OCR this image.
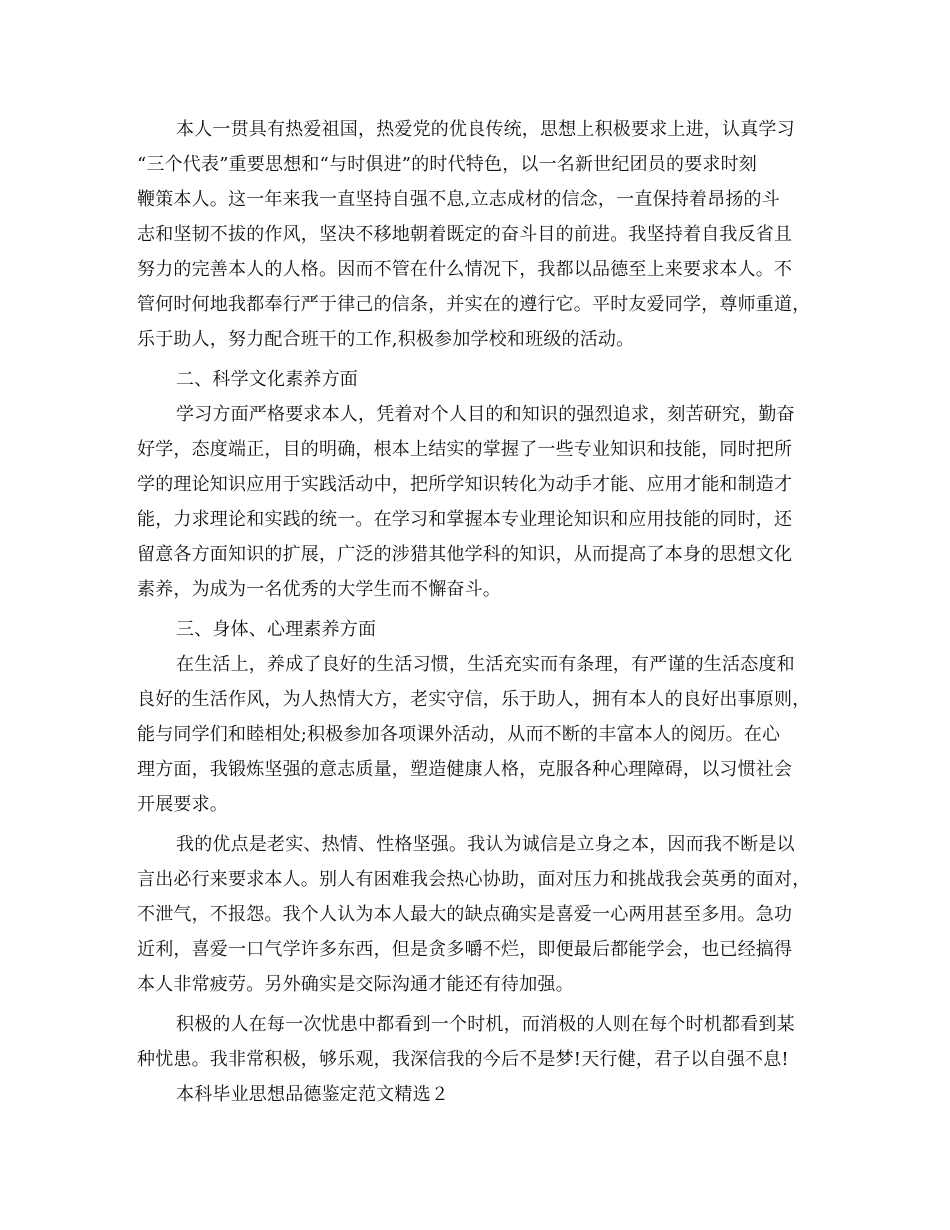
本人一贯具有热爱祖国，热爱党的优良传统，思想上积极要求上进，认真学习
“三个代表”重要思想和“与时俱进”的时代特色，以一名新世纪团员的要求时刻
鞭策本人。这一年来我一直坚持自强不息,立志成材的信念，一直保持着昂扬的斗
志和坚韧不拔的作风，坚决不移地朝着既定的奋斗目的前进。我坚持着自我反省且
努力的完善本人的人格。因而不管在什么情况下，我都以品德至上来要求本人。不
管何时何地我都奉行严于律己的信条，并实在的遵行它。平时友爱同学，尊师重道，
乐于助人，努力配合班干的工作,积极参加学校和班级的活动。
二、科学文化素养方面
学习方面严格要求本人，凭着对个人目的和知识的强烈追求，刻苦研究，勤奋
好学，态度端正，目的明确，根本上结实的掌握了一些专业知识和技能，同时把所
学的理论知识应用于实践活动中，把所学知识转化为动手才能、应用才能和制造才
能，力求理论和实践的统一。在学习和掌握本专业理论知识和应用技能的同时，还
留意各方面知识的扩展，广泛的涉猎其他学科的知识，从而提高了本身的思想文化
素养，为成为一名优秀的大学生而不懈奋斗。
三、身体、心理素养方面
在生活上，养成了良好的生活习惯，生活充实而有条理，有严谨的生活态度和
良好的生活作风，为人热情大方，老实守信，乐于助人，拥有本人的良好出事原则，
能与同学们和睦相处;积极参加各项课外活动，从而不断的丰富本人的阅历。在心
理方面，我锻炼坚强的意志质量，塑造健康人格，克服各种心理障碍，以习惯社会
开展要求。
我的优点是老实、热情、性格坚强。我认为诚信是立身之本，因而我不断是以
言出必行来要求本人。别人有困难我会热心协助，面对压力和挑战我会英勇的面对，
不泄气，不报怨。我个人认为本人最大的缺点确实是喜爱一心两用甚至多用。急功
近利，喜爱一口气学许多东西，但是贪多嚼不烂，即便最后都能学会，也已经搞得
本人非常疲劳。另外确实是交际沟通才能还有待加强。
积极的人在每一次忧患中都看到一个时机，而消极的人则在每个时机都看到某
种忧患。我非常积极，够乐观，我深信我的今后不是梦!天行健，君子以自强不息!
本科毕业思想品德鉴定范文精选２
